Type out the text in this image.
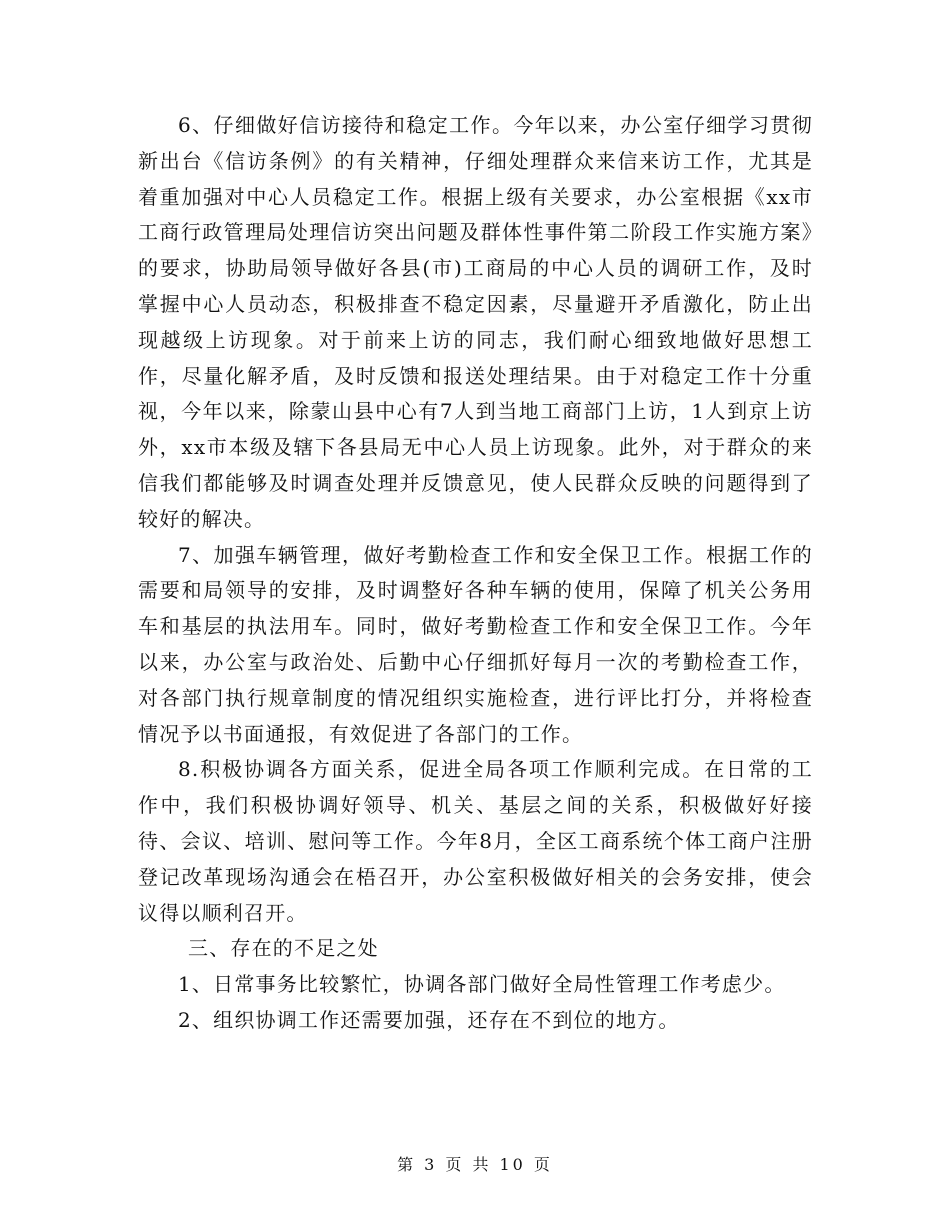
6、仔细做好信访接待和稳定工作。今年以来，办公室仔细学习贯彻新出台《信访条例》的有关精神，仔细处理群众来信来访工作，尤其是着重加强对中心人员稳定工作。根据上级有关要求，办公室根据《xx市工商行政管理局处理信访突出问题及群体性事件第二阶段工作实施方案》的要求，协助局领导做好各县(市)工商局的中心人员的调研工作，及时掌握中心人员动态，积极排查不稳定因素，尽量避开矛盾激化，防止出现越级上访现象。对于前来上访的同志，我们耐心细致地做好思想工作，尽量化解矛盾，及时反馈和报送处理结果。由于对稳定工作十分重视，今年以来，除蒙山县中心有7人到当地工商部门上访，1人到京上访外，xx市本级及辖下各县局无中心人员上访现象。此外，对于群众的来信我们都能够及时调查处理并反馈意见，使人民群众反映的问题得到了较好的解决。

7、加强车辆管理，做好考勤检查工作和安全保卫工作。根据工作的需要和局领导的安排，及时调整好各种车辆的使用，保障了机关公务用车和基层的执法用车。同时，做好考勤检查工作和安全保卫工作。今年以来，办公室与政治处、后勤中心仔细抓好每月一次的考勤检查工作，对各部门执行规章制度的情况组织实施检查，进行评比打分，并将检查情况予以书面通报，有效促进了各部门的工作。

8.积极协调各方面关系，促进全局各项工作顺利完成。在日常的工作中，我们积极协调好领导、机关、基层之间的关系，积极做好好接待、会议、培训、慰问等工作。今年8月，全区工商系统个体工商户注册登记改革现场沟通会在梧召开，办公室积极做好相关的会务安排，使会议得以顺利召开。

三、存在的不足之处

1、日常事务比较繁忙，协调各部门做好全局性管理工作考虑少。

2、组织协调工作还需要加强，还存在不到位的地方。

第 3 页 共 10 页
